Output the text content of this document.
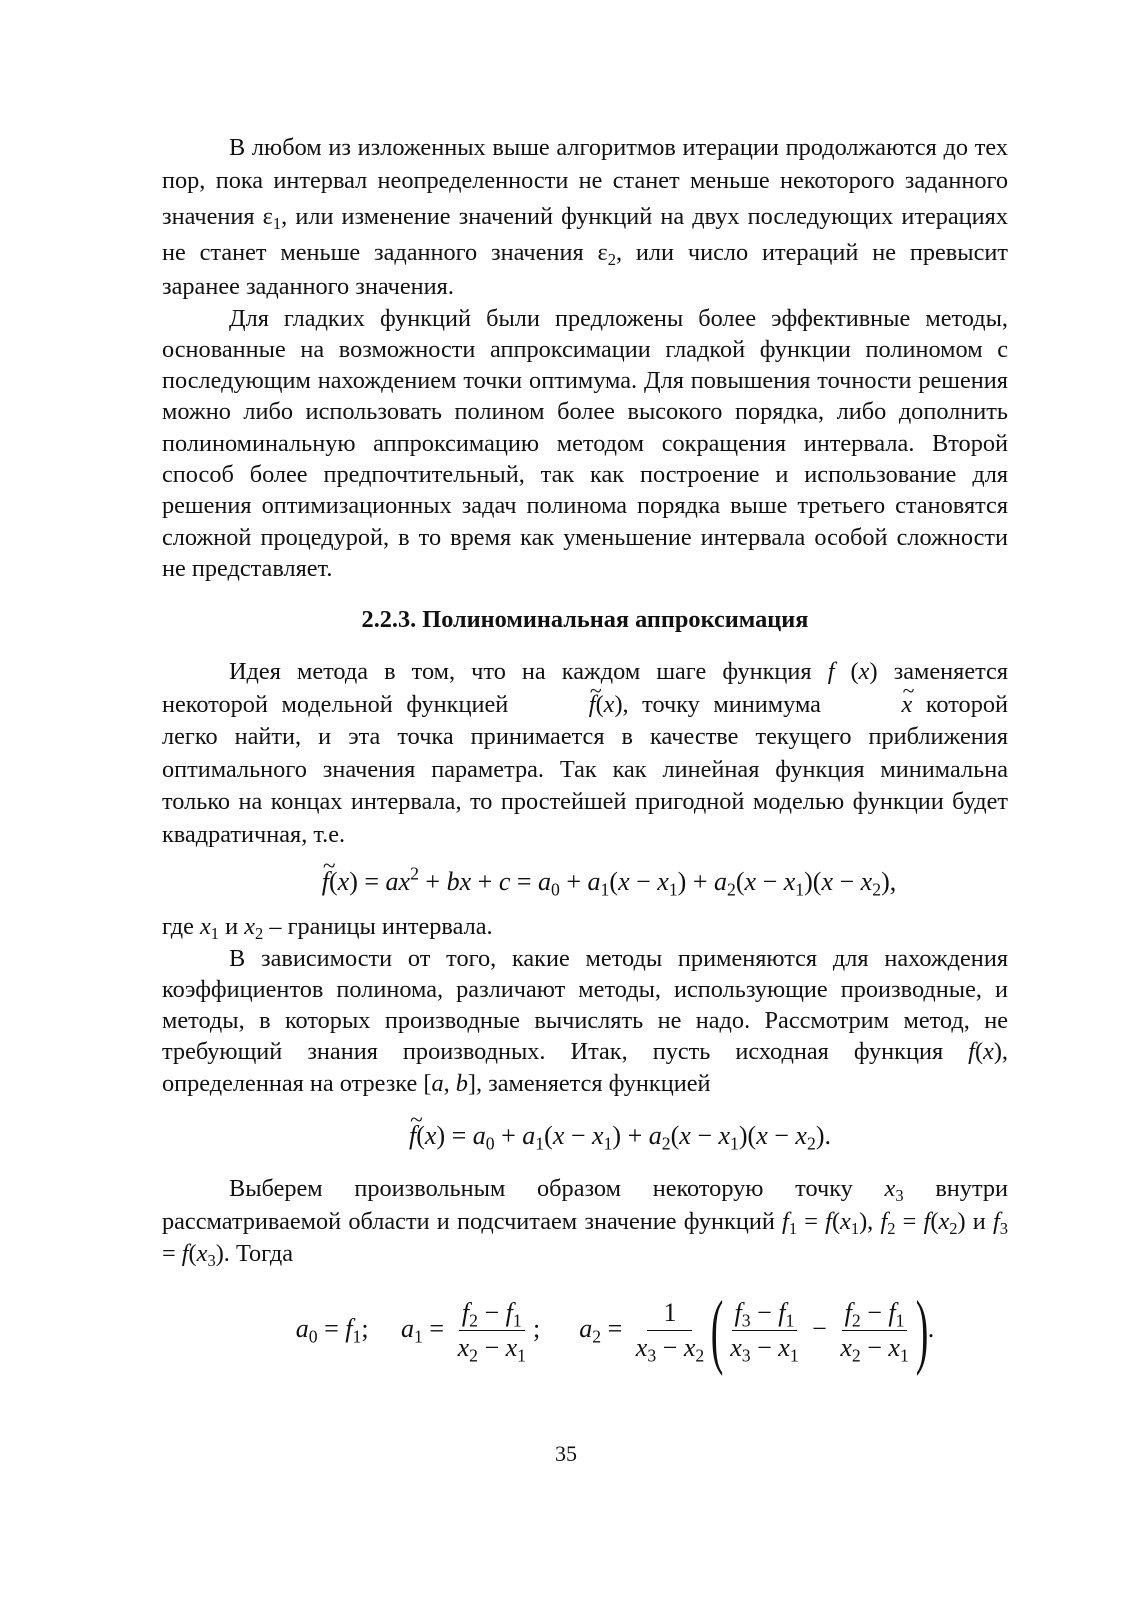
В любом из изложенных выше алгоритмов итерации продолжаются до тех пор, пока интервал неопределенности не станет меньше некоторого заданного значения $\varepsilon_1$, или изменение значений функций на двух последующих итерациях не станет меньше заданного значения $\varepsilon_2$, или число итераций не превысит заранее заданного значения.

Для гладких функций были предложены более эффективные методы, основанные на возможности аппроксимации гладкой функции полиномом с последующим нахождением точки оптимума. Для повышения точности решения можно либо использовать полином более высокого порядка, либо дополнить полиноминальную аппроксимацию методом сокращения интервала. Второй способ более предпочтительный, так как построение и использование для решения оптимизационных задач полинома порядка выше третьего становятся сложной процедурой, в то время как уменьшение интервала особой сложности не представляет.

2.2.3. Полиноминальная аппроксимация

Идея метода в том, что на каждом шаге функция f (x) заменяется некоторой модельной функцией	~ f(x), точку минимума	~ x которой легко найти, и эта точка принимается в качестве текущего приближения оптимального значения параметра. Так как линейная функция минимальна только на концах интервала, то простейшей пригодной моделью функции будет квадратичная, т.е.

~ $f(x) = ax^2$ + bx + $c = a_0 + a_1(x - x_1) + a_2(x - x_1)(x - x_2)$,

где $x_1$ и $x_2$ – границы интервала.

В зависимости от того, какие методы применяются для нахождения коэффициентов полинома, различают методы, использующие производные, и методы, в которых производные вычислять не надо. Рассмотрим метод, не требующий знания производных. Итак, пусть исходная функция f(x), определенная на отрезке [a, b], заменяется функцией

~ $f(x) = a_0 + a_1(x - x_1) + a_2(x - x_1)(x - x_2)$.

Выберем произвольным образом некоторую точку $x_3$ внутри рассматриваемой области и подсчитаем значение функций $f_1 = f(x_1)$, $f_2 = f(x_2)$ и $f_3 = f(x_3)$. Тогда

$a_0 = f_1$;     $a_1 = \frac{f_2 - f_1}{x_2 - x_1}$ ;      $a_2 = \frac{1}{x_3 - x_2}$ ( $\frac{f_3 - f_1}{x_3 - x_1} - \frac{f_2 - f_1}{x_2 - x_1}$ ).
35
